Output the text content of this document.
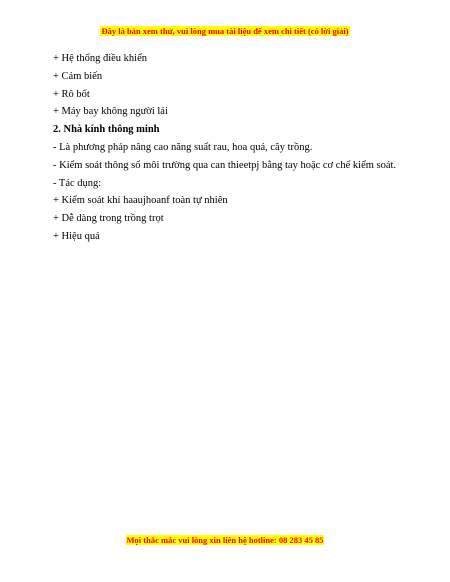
Đây là bản xem thử, vui lòng mua tài liệu để xem chi tiết (có lời giải)

+ Hệ thống điều khiển

+ Cảm biến

+ Rô bốt

+ Máy bay không người lái

2. Nhà kính thông minh

- Là phương pháp nâng cao năng suất rau, hoa quả, cây trồng.

- Kiểm soát thông số môi trường qua can thieetpj bằng tay hoặc cơ chế kiểm soát.

- Tác dụng:

+ Kiểm soát khí haaujhoanf toàn tự nhiên

+ Dễ dàng trong trồng trọt

+ Hiệu quả

Mọi thắc mắc vui lòng xin liên hệ hotline: 08 283 45 85
